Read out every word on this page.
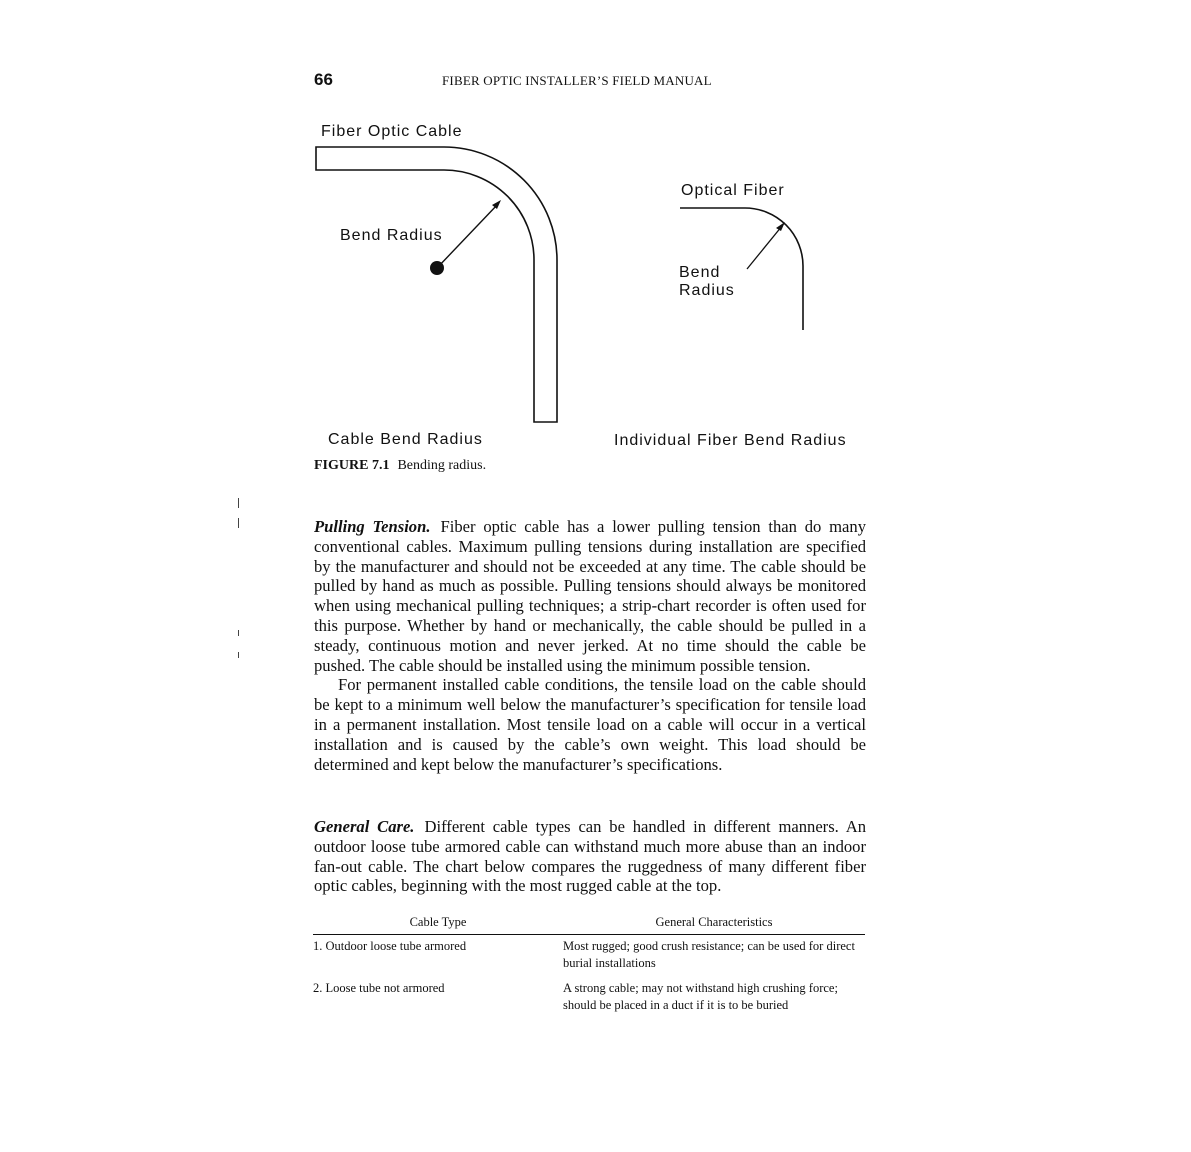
66	FIBER OPTIC INSTALLER’S FIELD MANUAL
Fiber Optic Cable
Bend Radius
Cable Bend Radius
Optical Fiber
Bend
Radius
Individual Fiber Bend Radius
FIGURE 7.1 Bending radius.

Pulling Tension. Fiber optic cable has a lower pulling tension than do many conventional cables. Maximum pulling tensions during installation are specified by the manufacturer and should not be exceeded at any time. The cable should be pulled by hand as much as possible. Pulling tensions should always be monitored when using mechanical pulling techniques; a strip-chart recorder is often used for this purpose. Whether by hand or mechanically, the cable should be pulled in a steady, continuous motion and never jerked. At no time should the cable be pushed. The cable should be installed using the minimum possible tension.

For permanent installed cable conditions, the tensile load on the cable should be kept to a minimum well below the manufacturer’s specification for tensile load in a permanent installation. Most tensile load on a cable will occur in a vertical installation and is caused by the cable’s own weight. This load should be determined and kept below the manufacturer’s specifications.

General Care. Different cable types can be handled in different manners. An outdoor loose tube armored cable can withstand much more abuse than an indoor fan-out cable. The chart below compares the ruggedness of many different fiber optic cables, beginning with the most rugged cable at the top.

Cable Type	General Characteristics
1. Outdoor loose tube armored	Most rugged; good crush resistance; can be used for direct burial installations
2. Loose tube not armored	A strong cable; may not withstand high crushing force; should be placed in a duct if it is to be buried
